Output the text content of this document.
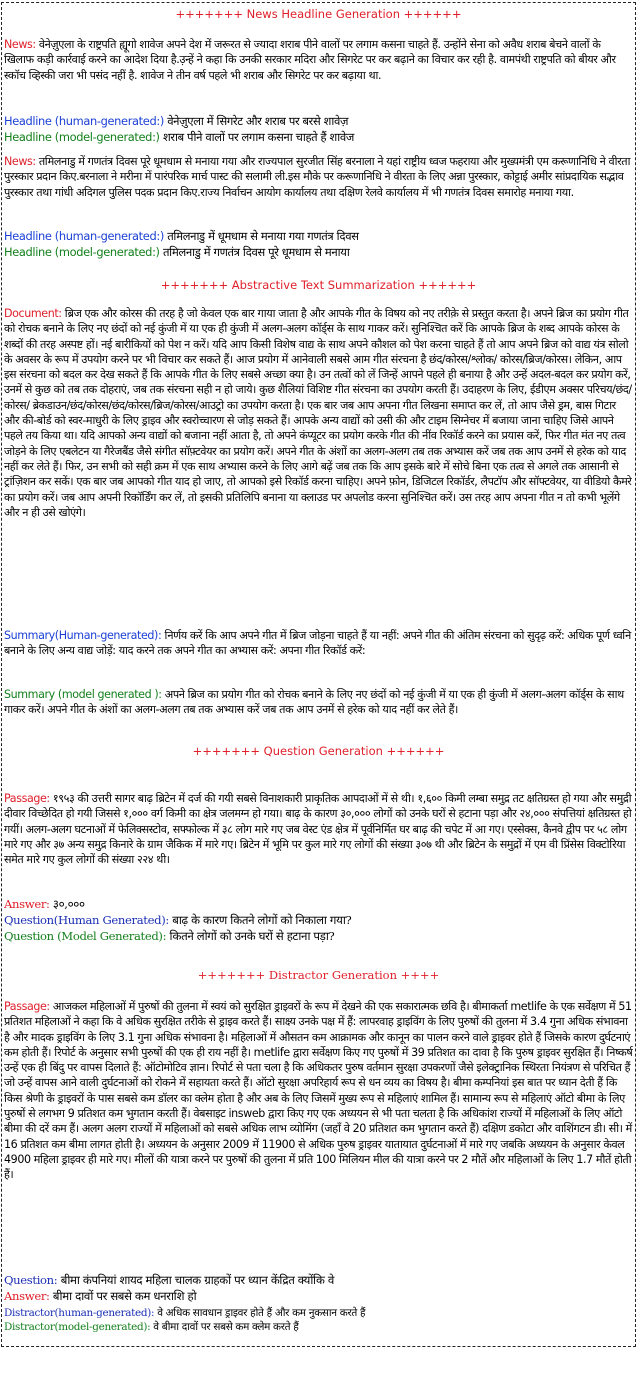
+++++++ News Headline Generation ++++++

News: वेनेज़ुएला के राष्ट्रपति ह्यूगो शावेज अपने देश में जरूरत से ज्यादा शराब पीने वालों पर लगाम कसना चाहते हैं. उन्होंने सेना को अवैध शराब बेचने वालों के खिलाफ कड़ी कार्रवाई करने का आदेश दिया है.उ़न्हें ने कहा कि उनकी सरकार मदिरा और सिगरेट पर कर बढ़ाने का विचार कर रही है. वामपंथी राष्ट्रपति को बीयर और स्कॉच व्हिस्की जरा भी पसंद नहीं है. शावेज ने तीन वर्ष पहले भी शराब और सिगरेट पर कर बढ़ाया था.

Headline (human-generated:) वेनेज़ुएला में सिगरेट और शराब पर बरसे शावेज़
Headline (model-generated:) शराब पीने वालों पर लगाम कसना चाहते हैं शावेज

News: तमिलनाडु में गणतंत्र दिवस पूरे धूमधाम से मनाया गया और राज्यपाल सुरजीत सिंह बरनाला ने यहां राष्ट्रीय ध्वज फहराया और मुख्यमंत्री एम करूणानिधि ने वीरता पुरस्कार प्रदान किए.बरनाला ने मरीना में पारंपरिक मार्च पास्ट की सलामी ली.इस मौके पर करूणानिधि ने वीरता के लिए अन्ना पुरस्कार, कोट्टाई अमीर सांप्रदायिक सद्भाव पुरस्कार तथा गांधी अदिगल पुलिस पदक प्रदान किए.राज्य निर्वाचन आयोग कार्यालय तथा दक्षिण रेलवे कार्यालय में भी गणतंत्र दिवस समारोह मनाया गया.

Headline (human-generated:) तमिलनाडु में धूमधाम से मनाया गया गणतंत्र दिवस
Headline (model-generated:) तमिलनाडु में गणतंत्र दिवस पूरे धूमधाम से मनाया
+++++++ Abstractive Text Summarization ++++++

Document: ब्रिज एक और कोरस की तरह है जो केवल एक बार गाया जाता है और आपके गीत के विषय को नए तरीक़े से प्रस्तुत करता है। अपने ब्रिज का प्रयोग गीत को रोचक बनाने के लिए नए छंदों को नई कुंजी में या एक ही कुंजी में अलग-अलग कॉर्ड्स के साथ गाकर करें। सुनिश्चित करें कि आपके ब्रिज के शब्द आपके कोरस के शब्दों की तरह अस्पष्ट हों। नई बारीकियों को पेश न करें। यदि आप किसी विशेष वाद्य के साथ अपने कौशल को पेश करना चाहते हैं तो आप अपने ब्रिज को वाद्य यंत्र सोलो के अवसर के रूप में उपयोग करने पर भी विचार कर सकते हैं। आज प्रयोग में आनेवाली सबसे आम गीत संरचना है छंद/कोरस/श्लोक/ कोरस/ब्रिज/कोरस। लेकिन, आप इस संरचना को बदल कर देख सकते हैं कि आपके गीत के लिए सबसे अच्छा क्या है। उन तत्वों को लें जिन्हें आपने पहले ही बनाया है और उन्हें अदल-बदल कर प्रयोग करें, उनमें से कुछ को तब तक दोहराएं, जब तक संरचना सही न हो जाये। कुछ शैलियां विशिष्ट गीत संरचना का उपयोग करती हैं। उदाहरण के लिए, ईडीएम अक्सर परिचय/छंद/कोरस/ ब्रेकडाउन/छंद/कोरस/छंद/कोरस/ब्रिज/कोरस/आउट्रो का उपयोग करता है। एक बार जब आप अपना गीत लिखना समाप्त कर लें, तो आप जैसे ड्रम, बास गिटार और की-बोर्ड को स्वर-माधुरी के लिए ड्राइव और स्वरोच्चारण से जोड़ सकते हैं। आपके अन्य वाद्यों को उसी की और टाइम सिग्नेचर में बजाया जाना चाहिए जिसे आपने पहले तय किया था। यदि आपको अन्य वाद्यों को बजाना नहीं आता है, तो अपने कंप्यूटर का प्रयोग करके गीत की नींव रिकॉर्ड करने का प्रयास करें, फिर गीत मंत नए तत्व जोड़ने के लिए एबलेटन या गैरेजबैंड जैसे संगीत सॉफ़्टवेयर का प्रयोग करें। अपने गीत के अंशों का अलग-अलग तब तक अभ्यास करें जब तक आप उनमें से हरेक को याद नहीं कर लेते हैं। फिर, उन सभी को सही क्रम में एक साथ अभ्यास करने के लिए आगे बढ़ें जब तक कि आप इसके बारे में सोचे बिना एक तत्व से अगले तक आसानी से ट्रांज़िशन कर सकें। एक बार जब आपको गीत याद हो जाए, तो आपको इसे रिकॉर्ड करना चाहिए। अपने फ़ोन, डिजिटल रिकॉर्डर, लैपटॉप और सॉफ्टवेयर, या वीडियो कैमरे का प्रयोग करें। जब आप अपनी रिकॉर्डिंग कर लें, तो इसकी प्रतिलिपि बनाना या क्लाउड पर अपलोड करना सुनिश्चित करें। उस तरह आप अपना गीत न तो कभी भूलेंगे और न ही उसे खोएंगे।

Summary(Human-generated): निर्णय करें कि आप अपने गीत में ब्रिज जोड़ना चाहते हैं या नहीं: अपने गीत की अंतिम संरचना को सुदृढ़ करें: अधिक पूर्ण ध्वनि बनाने के लिए अन्य वाद्य जोड़ें: याद करने तक अपने गीत का अभ्यास करें: अपना गीत रिकॉर्ड करें:

Summary (model generated ): अपने ब्रिज का प्रयोग गीत को रोचक बनाने के लिए नए छंदों को नई कुंजी में या एक ही कुंजी में अलग-अलग कॉर्ड्स के साथ गाकर करें। अपने गीत के अंशों का अलग-अलग तब तक अभ्यास करें जब तक आप उनमें से हरेक को याद नहीं कर लेते हैं।

+++++++ Question Generation ++++++

Passage: १९५३ की उत्तरी सागर बाढ़ ब्रिटेन में दर्ज की गयी सबसे विनाशकारी प्राकृतिक आपदाओं में से थी। १,६०० किमी लम्बा समुद्र तट क्षतिग्रस्त हो गया और समुद्री दीवार विच्छेदित हो गयी जिससे १,००० वर्ग किमी का क्षेत्र जलमग्न हो गया। बाढ़ के कारण ३०,००० लोगों को उनके घरों से हटाना पड़ा और २४,००० संपत्तियां क्षतिग्रस्त हो गयीं। अलग-अलग घटनाओं में फेलिक्सस्टोव, सफ्फोल्क में ३८ लोग मारे गए जब वेस्ट एंड क्षेत्र में पूर्वनिर्मित घर बाढ़ की चपेट में आ गए। एस्सेक्स, कैनवे द्वीप पर ५८ लोग मारे गए और ३७ अन्य समुद्र किनारे के ग्राम जैकिक में मारे गए। ब्रिटेन में भूमि पर कुल मारे गए लोगों की संख्या ३०७ थी और ब्रिटेन के समुद्रों में एम वी प्रिंसेस विक्टोरिया समेत मारे गए कुल लोगों की संख्या २२४ थी।

Answer: ३०,०००
Question(Human Generated): बाढ़ के कारण कितने लोगों को निकाला गया?
Question (Model Generated): कितने लोगों को उनके घरों से हटाना पड़ा?
+++++++ Distractor Generation ++++

Passage: आजकल महिलाओं में पुरुषों की तुलना में स्वयं को सुरक्षित ड्राइवरों के रूप में देखने की एक सकारात्मक छवि है। बीमाकर्ता metlife के एक सर्वेक्षण में 51 प्रतिशत महिलाओं ने कहा कि वे अधिक सुरक्षित तरीके से ड्राइव करते हैं। साक्ष्य उनके पक्ष में हैं: लापरवाह ड्राइविंग के लिए पुरुषों की तुलना में 3.4 गुना अधिक संभावना है और मादक ड्राइविंग के लिए 3.1 गुना अधिक संभावना है। महिलाओं में औसतन कम आक्रामक और कानून का पालन करने वाले ड्राइवर होते हैं जिसके कारण दुर्घटनाएं कम होती हैं। रिपोर्ट के अनुसार सभी पुरुषों की एक ही राय नहीं है। metlife द्वारा सर्वेक्षण किए गए पुरुषों में 39 प्रतिशत का दावा है कि पुरुष ड्राइवर सुरक्षित हैं। निष्कर्ष उन्हें एक ही बिंदु पर वापस दिलाते हैं: ऑटोमोटिव ज्ञान। रिपोर्ट से पता चला है कि अधिकतर पुरुष वर्तमान सुरक्षा उपकरणों जैसे इलेक्ट्रानिक स्थिरता नियंत्रण से परिचित हैं जो उन्हें वापस आने वाली दुर्घटनाओं को रोकने में सहायता करते हैं। ऑटो सुरक्षा अपरिहार्य रूप से धन व्यय का विषय है। बीमा कम्पनियां इस बात पर ध्यान देती हैं कि किस श्रेणी के ड्राइवरों के पास सबसे कम डॉलर का क्लेम होता है और अब के लिए जिसमें मुख्य रूप से महिलाएं शामिल हैं। सामान्य रूप से महिलाएं ऑटो बीमा के लिए पुरुषों से लगभग 9 प्रतिशत कम भुगतान करती हैं। वेबसाइट insweb द्वारा किए गए एक अध्ययन से भी पता चलता है कि अधिकांश राज्यों में महिलाओं के लिए ऑटो बीमा की दरें कम हैं। अलग अलग राज्यों में महिलाओं को सबसे अधिक लाभ व्योमिंग (जहाँ वे 20 प्रतिशत कम भुगतान करते हैं) दक्षिण डकोटा और वाशिंगटन डी। सी। में 16 प्रतिशत कम बीमा लागत होती है। अध्ययन के अनुसार 2009 में 11900 से अधिक पुरुष ड्राइवर यातायात दुर्घटनाओं में मारे गए जबकि अध्ययन के अनुसार केवल 4900 महिला ड्राइवर ही मारे गए। मीलों की यात्रा करने पर पुरुषों की तुलना में प्रति 100 मिलियन मील की यात्रा करने पर 2 मौतें और महिलाओं के लिए 1.7 मौतें होती हैं।

Question: बीमा कंपनियां शायद महिला चालक ग्राहकों पर ध्यान केंद्रित क्योंकि वे
Answer: बीमा दावों पर सबसे कम धनराशि हो
Distractor(human-generated): वे अधिक सावधान ड्राइवर होते हैं और कम नुकसान करते हैं
Distractor(model-generated): वे बीमा दावों पर सबसे कम क्लेम करते हैं
